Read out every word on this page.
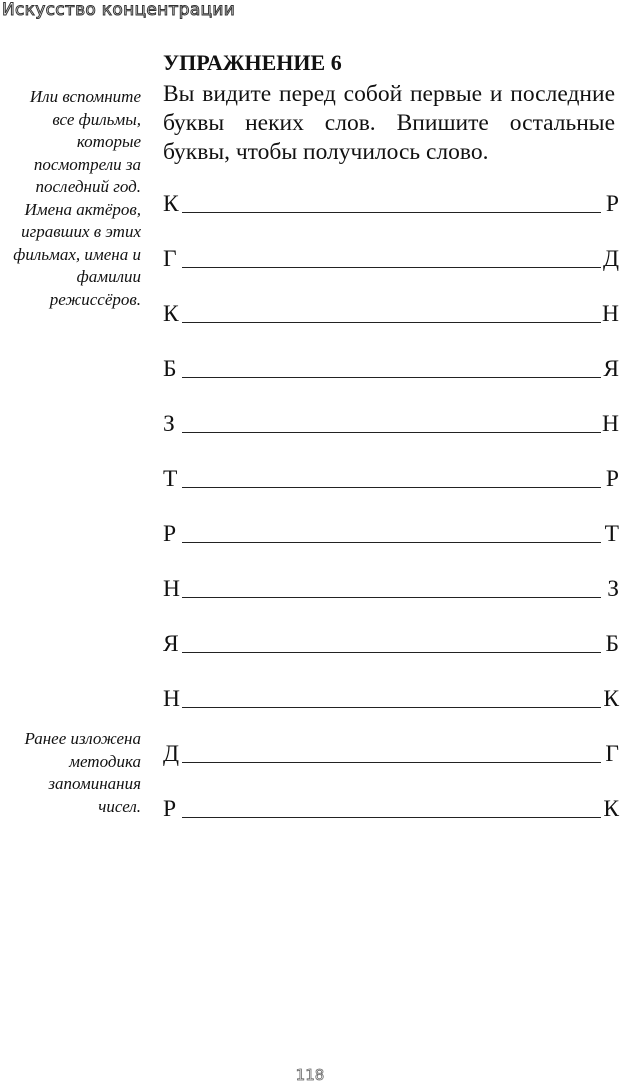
Искусство концентрации
УПРАЖНЕНИЕ 6

Вы видите перед собой первые и последние буквы неких слов. Впишите остальные буквы, чтобы получилось слово.

Или вспомните все фильмы, которые посмотрели за последний год. Имена актёров, игравших в этих фильмах, имена и фамилии режиссёров.

Ранее изложена методика запоминания чисел.

К	Р
Г	Д
К	Н
Б	Я
З	Н
Т	Р
Р	Т
Н	З
Я	Б
Н	К
Д	Г
Р	К
118
